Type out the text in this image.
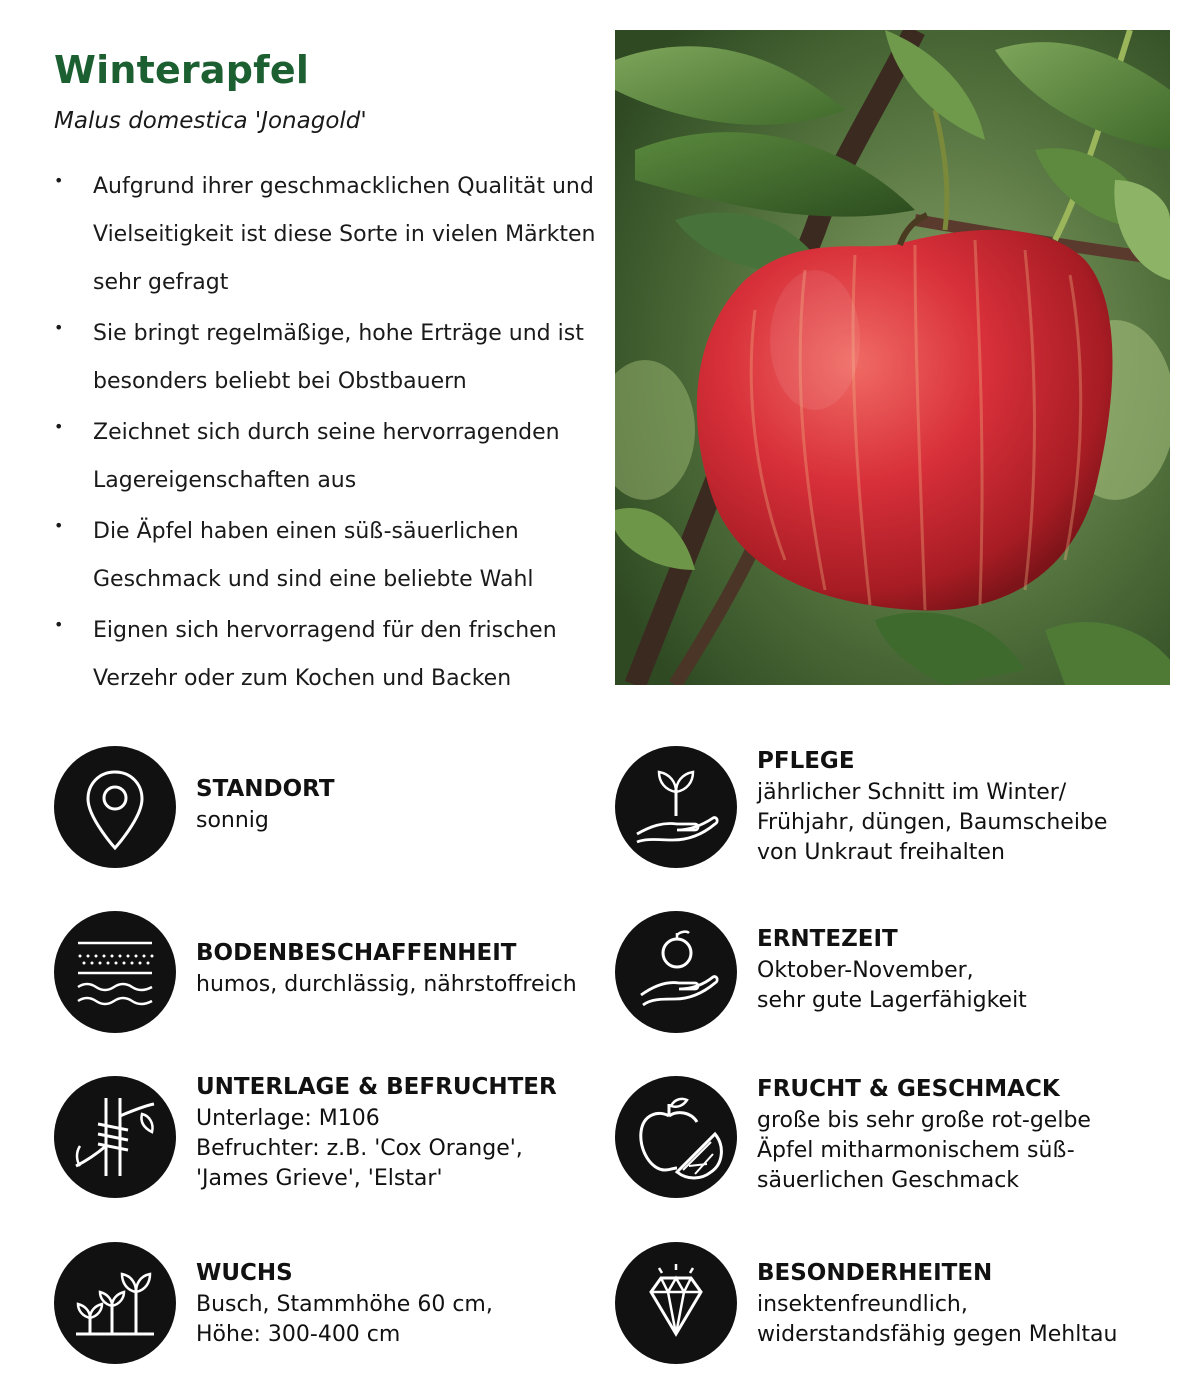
Winterapfel

Malus domestica 'Jonagold'

• Aufgrund ihrer geschmacklichen Qualität und Vielseitigkeit ist diese Sorte in vielen Märkten sehr gefragt
• Sie bringt regelmäßige, hohe Erträge und ist besonders beliebt bei Obstbauern
• Zeichnet sich durch seine hervorragenden Lagereigenschaften aus
• Die Äpfel haben einen süß-säuerlichen Geschmack und sind eine beliebte Wahl
• Eignen sich hervorragend für den frischen Verzehr oder zum Kochen und Backen

STANDORT

sonnig

BODENBESCHAFFENHEIT

humos, durchlässig, nährstoffreich

UNTERLAGE & BEFRUCHTER

Unterlage: M106

Befruchter: z.B. 'Cox Orange',

'James Grieve', 'Elstar'

WUCHS

Busch, Stammhöhe 60 cm,

Höhe: 300-400 cm

PFLEGE

jährlicher Schnitt im Winter/

Frühjahr, düngen, Baumscheibe

von Unkraut freihalten

ERNTEZEIT

Oktober-November,

sehr gute Lagerfähigkeit

FRUCHT & GESCHMACK

große bis sehr große rot-gelbe

Äpfel mitharmonischem süß-

säuerlichen Geschmack

BESONDERHEITEN

insektenfreundlich,

widerstandsfähig gegen Mehltau
